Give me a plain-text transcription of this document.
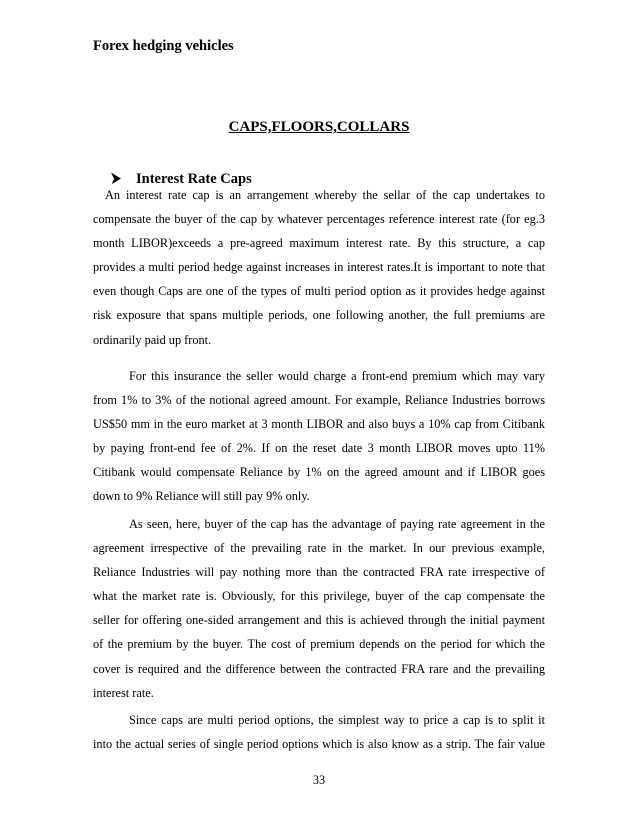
Forex hedging vehicles
CAPS,FLOORS,COLLARS
Interest Rate Caps
An interest rate cap is an arrangement whereby the sellar of the cap undertakes to
compensate the buyer of the cap by whatever percentages reference interest rate (for eg.3
month LIBOR)exceeds a pre-agreed maximum interest rate. By this structure, a cap
provides a multi period hedge against increases in interest rates.It is important to note that
even though Caps are one of the types of multi period option as it provides hedge against
risk exposure that spans multiple periods, one following another, the full premiums are
ordinarily paid up front.
For this insurance the seller would charge a front-end premium which may vary
from 1% to 3% of the notional agreed amount. For example, Reliance Industries borrows
US$50 mm in the euro market at 3 month LIBOR and also buys a 10% cap from Citibank
by paying front-end fee of 2%. If on the reset date 3 month LIBOR moves upto 11%
Citibank would compensate Reliance by 1% on the agreed amount and if LIBOR goes
down to 9% Reliance will still pay 9% only.
As seen, here, buyer of the cap has the advantage of paying rate agreement in the
agreement irrespective of the prevailing rate in the market. In our previous example,
Reliance Industries will pay nothing more than the contracted FRA rate irrespective of
what the market rate is. Obviously, for this privilege, buyer of the cap compensate the
seller for offering one-sided arrangement and this is achieved through the initial payment
of the premium by the buyer. The cost of premium depends on the period for which the
cover is required and the difference between the contracted FRA rare and the prevailing
interest rate.
Since caps are multi period options, the simplest way to price a cap is to split it
into the actual series of single period options which is also know as a strip. The fair value
33
